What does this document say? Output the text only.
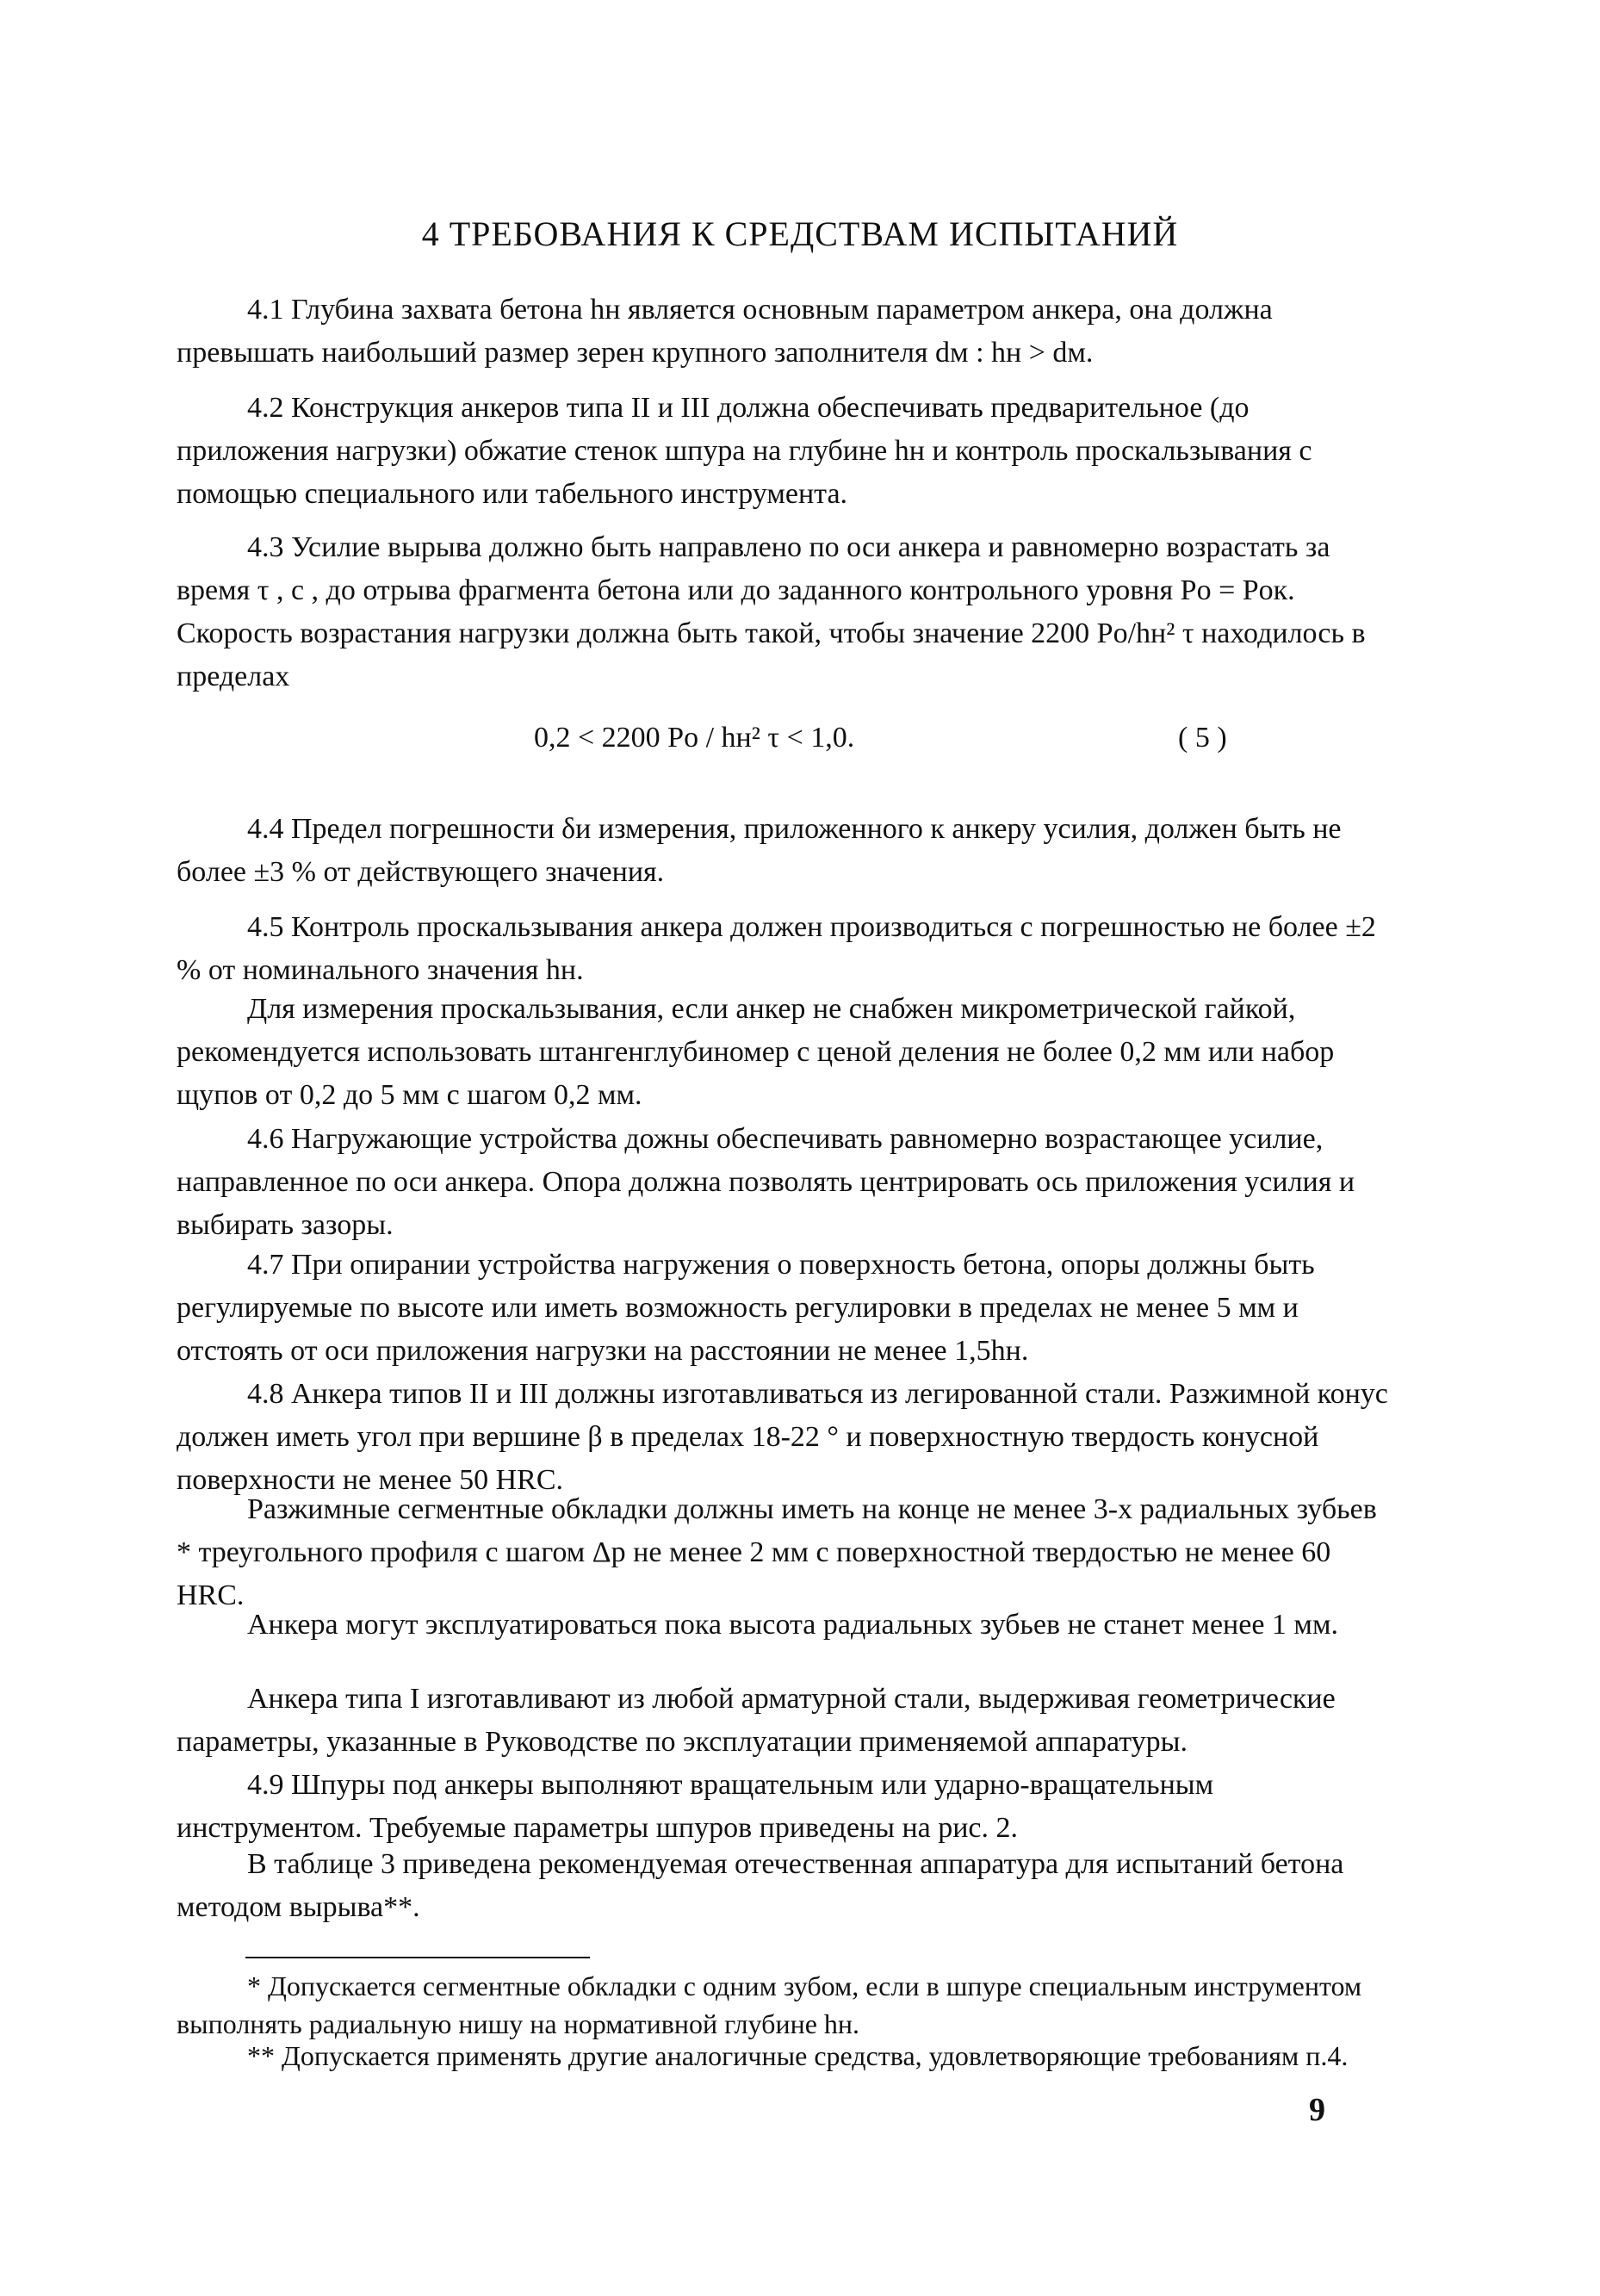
4 ТРЕБОВАНИЯ К СРЕДСТВАМ ИСПЫТАНИЙ

4.1 Глубина захвата бетона hн является основным параметром анкера, она должна превышать наибольший размер зерен крупного заполнителя dм : hн > dм.

4.2 Конструкция анкеров типа II и III должна обеспечивать предварительное (до приложения нагрузки) обжатие стенок шпура на глубине hн и контроль проскальзывания с помощью специального или табельного инструмента.

4.3 Усилие вырыва должно быть направлено по оси анкера и равномерно возрастать за время τ , с , до отрыва фрагмента бетона или до заданного контрольного уровня Pо = Pок. Скорость возрастания нагрузки должна быть такой, чтобы значение 2200 Pо/hн² τ находилось в пределах

0,2 < 2200 Pо / hн² τ < 1,0.	( 5 )

4.4 Предел погрешности δи измерения, приложенного к анкеру усилия, должен быть не более ±3 % от действующего значения.

4.5 Контроль проскальзывания анкера должен производиться с погрешностью не более ±2 % от номинального значения hн.

Для измерения проскальзывания, если анкер не снабжен микрометрической гайкой, рекомендуется использовать штангенглубиномер с ценой деления не более 0,2 мм или набор щупов от 0,2 до 5 мм с шагом 0,2 мм.

4.6 Нагружающие устройства дожны обеспечивать равномерно возрастающее усилие, направленное по оси анкера. Опора должна позволять центрировать ось приложения усилия и выбирать зазоры.

4.7 При опирании устройства нагружения о поверхность бетона, опоры должны быть регулируемые по высоте или иметь возможность регулировки в пределах не менее 5 мм и отстоять от оси приложения нагрузки на расстоянии не менее 1,5hн.

4.8 Анкера типов II и III должны изготавливаться из легированной стали. Разжимной конус должен иметь угол при вершине β в пределах 18-22 ° и поверхностную твердость конусной поверхности не менее 50 HRC.

Разжимные сегментные обкладки должны иметь на конце не менее 3-х радиальных зубьев * треугольного профиля с шагом Δр не менее 2 мм с поверхностной твердостью не менее 60 HRC.

Анкера могут эксплуатироваться пока высота радиальных зубьев не станет менее 1 мм.

Анкера типа I изготавливают из любой арматурной стали, выдерживая геометрические параметры, указанные в Руководстве по эксплуатации применяемой аппаратуры.

4.9 Шпуры под анкеры выполняют вращательным или ударно-вращательным инструментом. Требуемые параметры шпуров приведены на рис. 2.

В таблице 3 приведена рекомендуемая отечественная аппаратура для испытаний бетона методом вырыва**.

* Допускается сегментные обкладки с одним зубом, если в шпуре специальным инструментом выполнять радиальную нишу на нормативной глубине hн.

** Допускается применять другие аналогичные средства, удовлетворяющие требованиям п.4.

9
